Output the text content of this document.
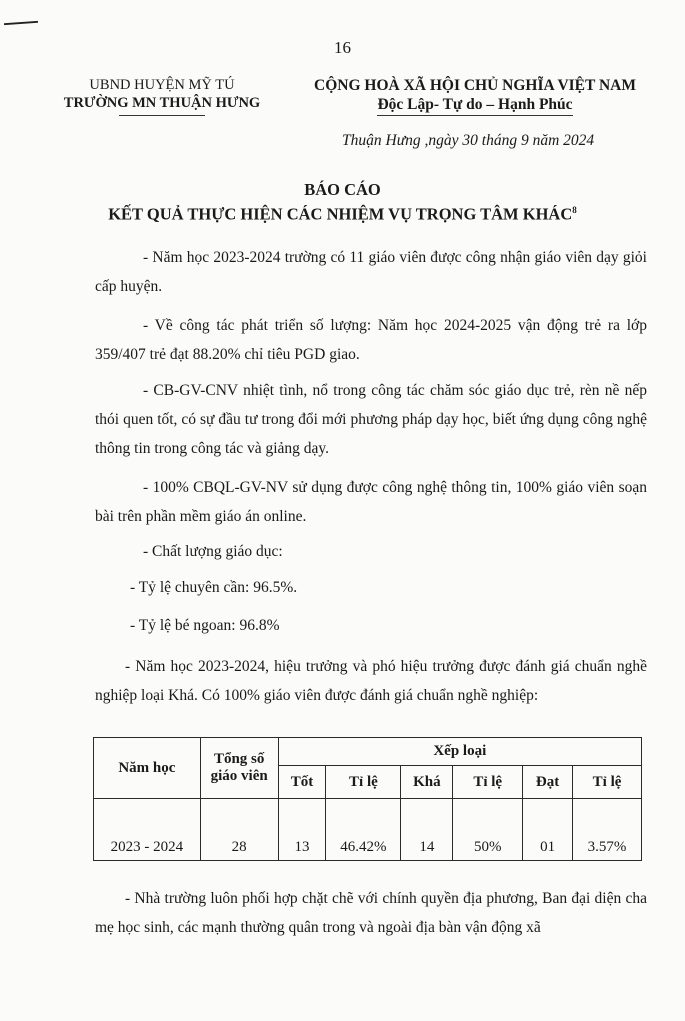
16
UBND HUYỆN MỸ TÚ
TRƯỜNG MN THUẬN HƯNG
CỘNG HOÀ XÃ HỘI CHỦ NGHĨA VIỆT NAM
Độc Lập- Tự do – Hạnh Phúc
Thuận Hưng ,ngày 30 tháng 9 năm 2024
BÁO CÁO
KẾT QUẢ THỰC HIỆN CÁC NHIỆM VỤ TRỌNG TÂM KHÁC$^8$

- Năm học 2023-2024 trường có 11 giáo viên được công nhận giáo viên dạy giỏi cấp huyện.

- Về công tác phát triển số lượng: Năm học 2024-2025 vận động trẻ ra lớp 359/407 trẻ đạt 88.20% chỉ tiêu PGD giao.

- CB-GV-CNV nhiệt tình, nổ trong công tác chăm sóc giáo dục trẻ, rèn nề nếp thói quen tốt, có sự đầu tư trong đổi mới phương pháp dạy học, biết ứng dụng công nghệ thông tin trong công tác và giảng dạy.

- 100% CBQL-GV-NV sử dụng được công nghệ thông tin, 100% giáo viên soạn bài trên phần mềm giáo án online.

- Chất lượng giáo dục:

- Tỷ lệ chuyên cần: 96.5%.

- Tỷ lệ bé ngoan: 96.8%

- Năm học 2023-2024, hiệu trưởng và phó hiệu trưởng được đánh giá chuẩn nghề nghiệp loại Khá. Có 100% giáo viên được đánh giá chuẩn nghề nghiệp:

Năm học	Tổng số giáo viên	Xếp loại					
		Tốt	Tỉ lệ	Khá	Tỉ lệ	Đạt	Tỉ lệ
2023 - 2024	28	13	46.42%	14	50%	01	3.57%

- Nhà trường luôn phối hợp chặt chẽ với chính quyền địa phương, Ban đại diện cha mẹ học sinh, các mạnh thường quân trong và ngoài địa bàn vận động xã
